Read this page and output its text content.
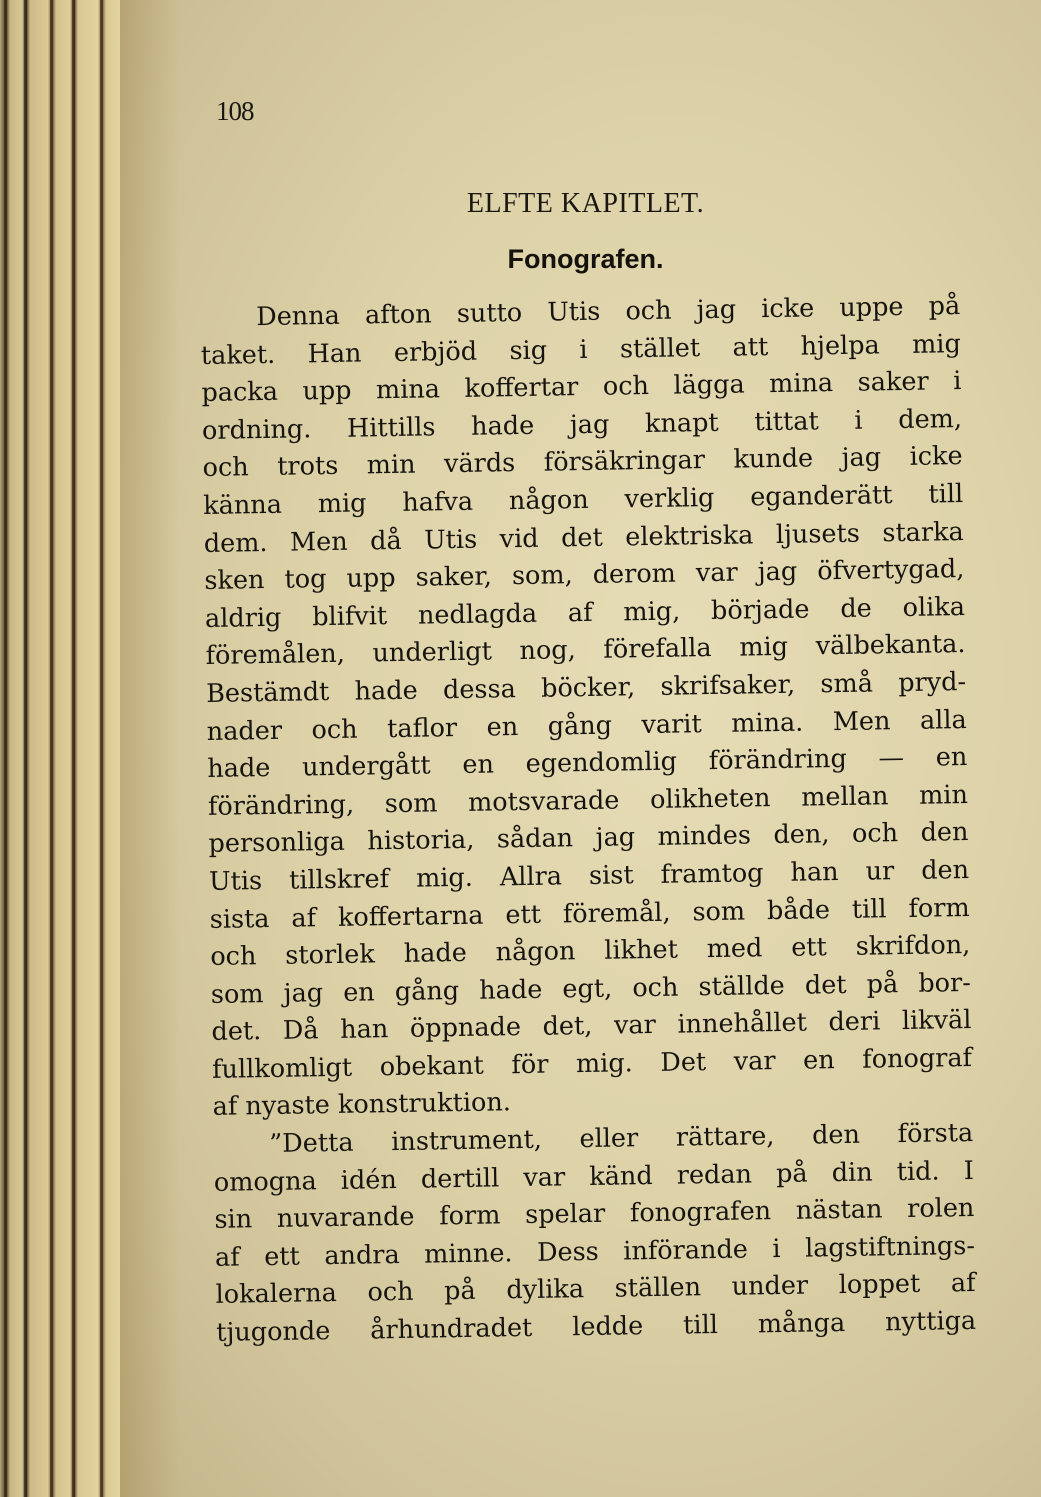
108
ELFTE KAPITLET.
Fonografen.
Denna afton sutto Utis och jag icke uppe på
taket. Han erbjöd sig i stället att hjelpa mig
packa upp mina koffertar och lägga mina saker i
ordning. Hittills hade jag knapt tittat i dem,
och trots min värds försäkringar kunde jag icke
känna mig hafva någon verklig eganderätt till
dem. Men då Utis vid det elektriska ljusets starka
sken tog upp saker, som, derom var jag öfvertygad,
aldrig blifvit nedlagda af mig, började de olika
föremålen, underligt nog, förefalla mig välbekanta.
Bestämdt hade dessa böcker, skrifsaker, små pryd-
nader och taflor en gång varit mina. Men alla
hade undergått en egendomlig förändring — en
förändring, som motsvarade olikheten mellan min
personliga historia, sådan jag mindes den, och den
Utis tillskref mig. Allra sist framtog han ur den
sista af koffertarna ett föremål, som både till form
och storlek hade någon likhet med ett skrifdon,
som jag en gång hade egt, och ställde det på bor-
det. Då han öppnade det, var innehållet deri likväl
fullkomligt obekant för mig. Det var en fonograf
af nyaste konstruktion.
”Detta instrument, eller rättare, den första
omogna idén dertill var känd redan på din tid. I
sin nuvarande form spelar fonografen nästan rolen
af ett andra minne. Dess införande i lagstiftnings-
lokalerna och på dylika ställen under loppet af
tjugonde århundradet ledde till många nyttiga
